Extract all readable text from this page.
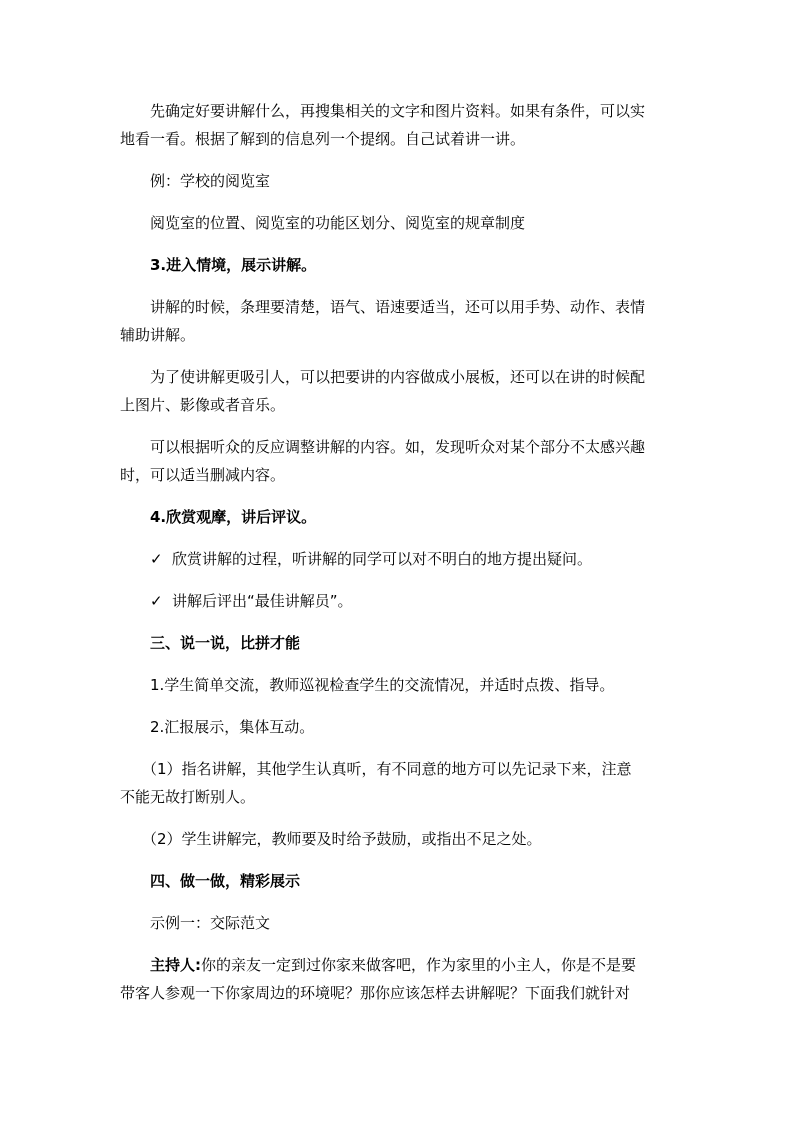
先确定好要讲解什么，再搜集相关的文字和图片资料。如果有条件，可以实
地看一看。根据了解到的信息列一个提纲。自己试着讲一讲。
例：学校的阅览室
阅览室的位置、阅览室的功能区划分、阅览室的规章制度
3.进入情境，展示讲解。
讲解的时候，条理要清楚，语气、语速要适当，还可以用手势、动作、表情
辅助讲解。
为了使讲解更吸引人，可以把要讲的内容做成小展板，还可以在讲的时候配
上图片、影像或者音乐。
可以根据听众的反应调整讲解的内容。如，发现听众对某个部分不太感兴趣
时，可以适当删减内容。
4.欣赏观摩，讲后评议。
✓ 欣赏讲解的过程，听讲解的同学可以对不明白的地方提出疑问。
✓ 讲解后评出“最佳讲解员”。
三、说一说，比拼才能
1.学生简单交流，教师巡视检查学生的交流情况，并适时点拨、指导。
2.汇报展示，集体互动。
（1）指名讲解，其他学生认真听，有不同意的地方可以先记录下来，注意
不能无故打断别人。
（2）学生讲解完，教师要及时给予鼓励，或指出不足之处。
四、做一做，精彩展示
示例一：交际范文
主持人:你的亲友一定到过你家来做客吧，作为家里的小主人，你是不是要
带客人参观一下你家周边的环境呢？那你应该怎样去讲解呢？下面我们就针对
